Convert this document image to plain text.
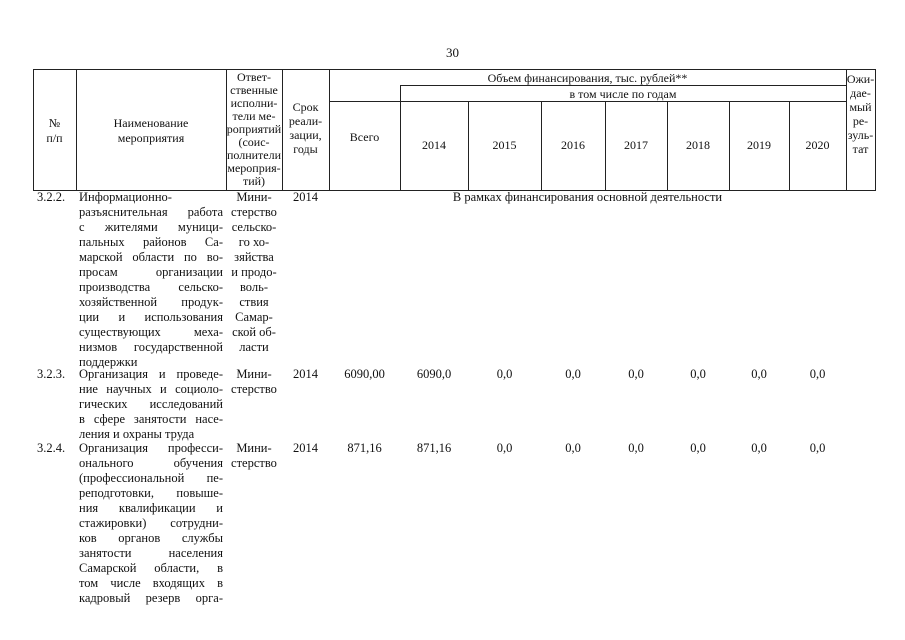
30
№
п/п
Наименование
мероприятия
Ответ-
ственные
исполни-
тели ме-
роприятий
(соис-
полнители
мероприя-
тий)
Срок
реали-
зации,
годы
Объем финансирования, тыс. рублей**
в том числе по годам
Всего
2014	2015	2016	2017	2018	2019	2020
Ожи-
дае-
мый
ре-
зуль-
тат
3.2.2.	Информационно-
разъяснительная работа
с жителями муници-
пальных районов Са-
марской области по во-
просам организации
производства сельско-
хозяйственной продук-
ции и использования
существующих меха-
низмов государственной
поддержки
Мини-
стерство
сельско-
го хо-
зяйства
и продо-
воль-
ствия
Самар-
ской об-
ласти
2014	В рамках финансирования основной деятельности
3.2.3.	Организация и проведе-
ние научных и социоло-
гических исследований
в сфере занятости насе-
ления и охраны труда
Мини-
стерство
2014	6090,00	6090,0	0,0	0,0	0,0	0,0	0,0	0,0
3.2.4.	Организация професси-
онального обучения
(профессиональной пе-
реподготовки, повыше-
ния квалификации и
стажировки) сотрудни-
ков органов службы
занятости населения
Самарской области, в
том числе входящих в
кадровый резерв орга-
Мини-
стерство
2014	871,16	871,16	0,0	0,0	0,0	0,0	0,0	0,0
